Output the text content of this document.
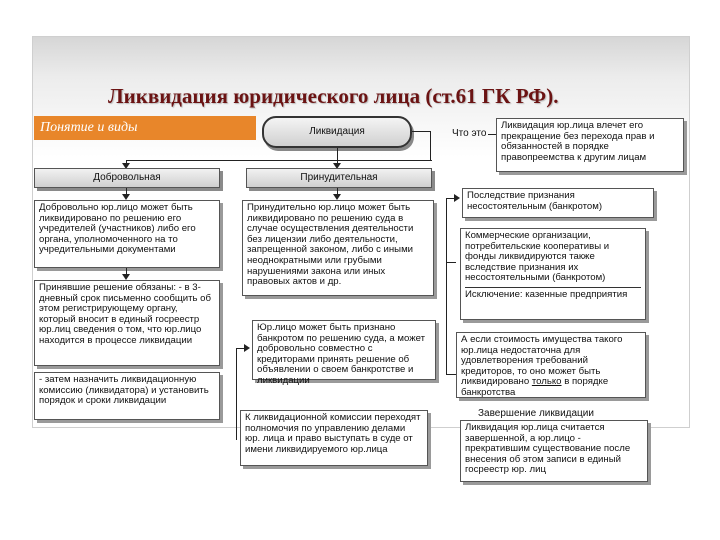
Ликвидация юридического лица (ст.61 ГК РФ).
Понятие и виды	Ликвидация	Что это
Ликвидация юр.лица влечет его прекращение без перехода прав и обязанностей в порядке правопреемства к другим лицам
Добровольная	Принудительная
Добровольно юр.лицо может быть ликвидировано по решению его учредителей (участников) либо его органа, уполномоченного на то учредительными документами
Принудительно юр.лицо может быть ликвидировано по решению суда в случае осуществления деятельности без лицензии либо деятельности, запрещенной законом, либо с иными неоднократными или грубыми нарушениями закона или иных правовых актов и др.
Принявшие решение обязаны: - в 3-дневный срок письменно сообщить об этом регистрирующему органу, который вносит в единый госреестр юр.лиц сведения о том, что юр.лицо находится в процессе ликвидации
- затем назначить ликвидационную комиссию (ликвидатора) и установить порядок и сроки ликвидации
Юр.лицо может быть признано банкротом по решению суда, а может добровольно совместно с кредиторами принять решение об объявлении о своем банкротстве и ликвидации
К ликвидационной комиссии переходят полномочия по управлению делами юр. лица и право выступать в суде от имени ликвидируемого юр.лица
Последствие признания несостоятельным (банкротом)
Коммерческие организации, потребительские кооперативы и фонды ликвидируются также вследствие признания их несостоятельными (банкротом)
Исключение: казенные предприятия
А если стоимость имущества такого юр.лица недостаточна для удовлетворения требований кредиторов, то оно может быть ликвидировано только в порядке банкротства
Завершение ликвидации
Ликвидация юр.лица считается завершенной, а юр.лицо - прекратившим существование после внесения об этом записи в единый госреестр юр. лиц
